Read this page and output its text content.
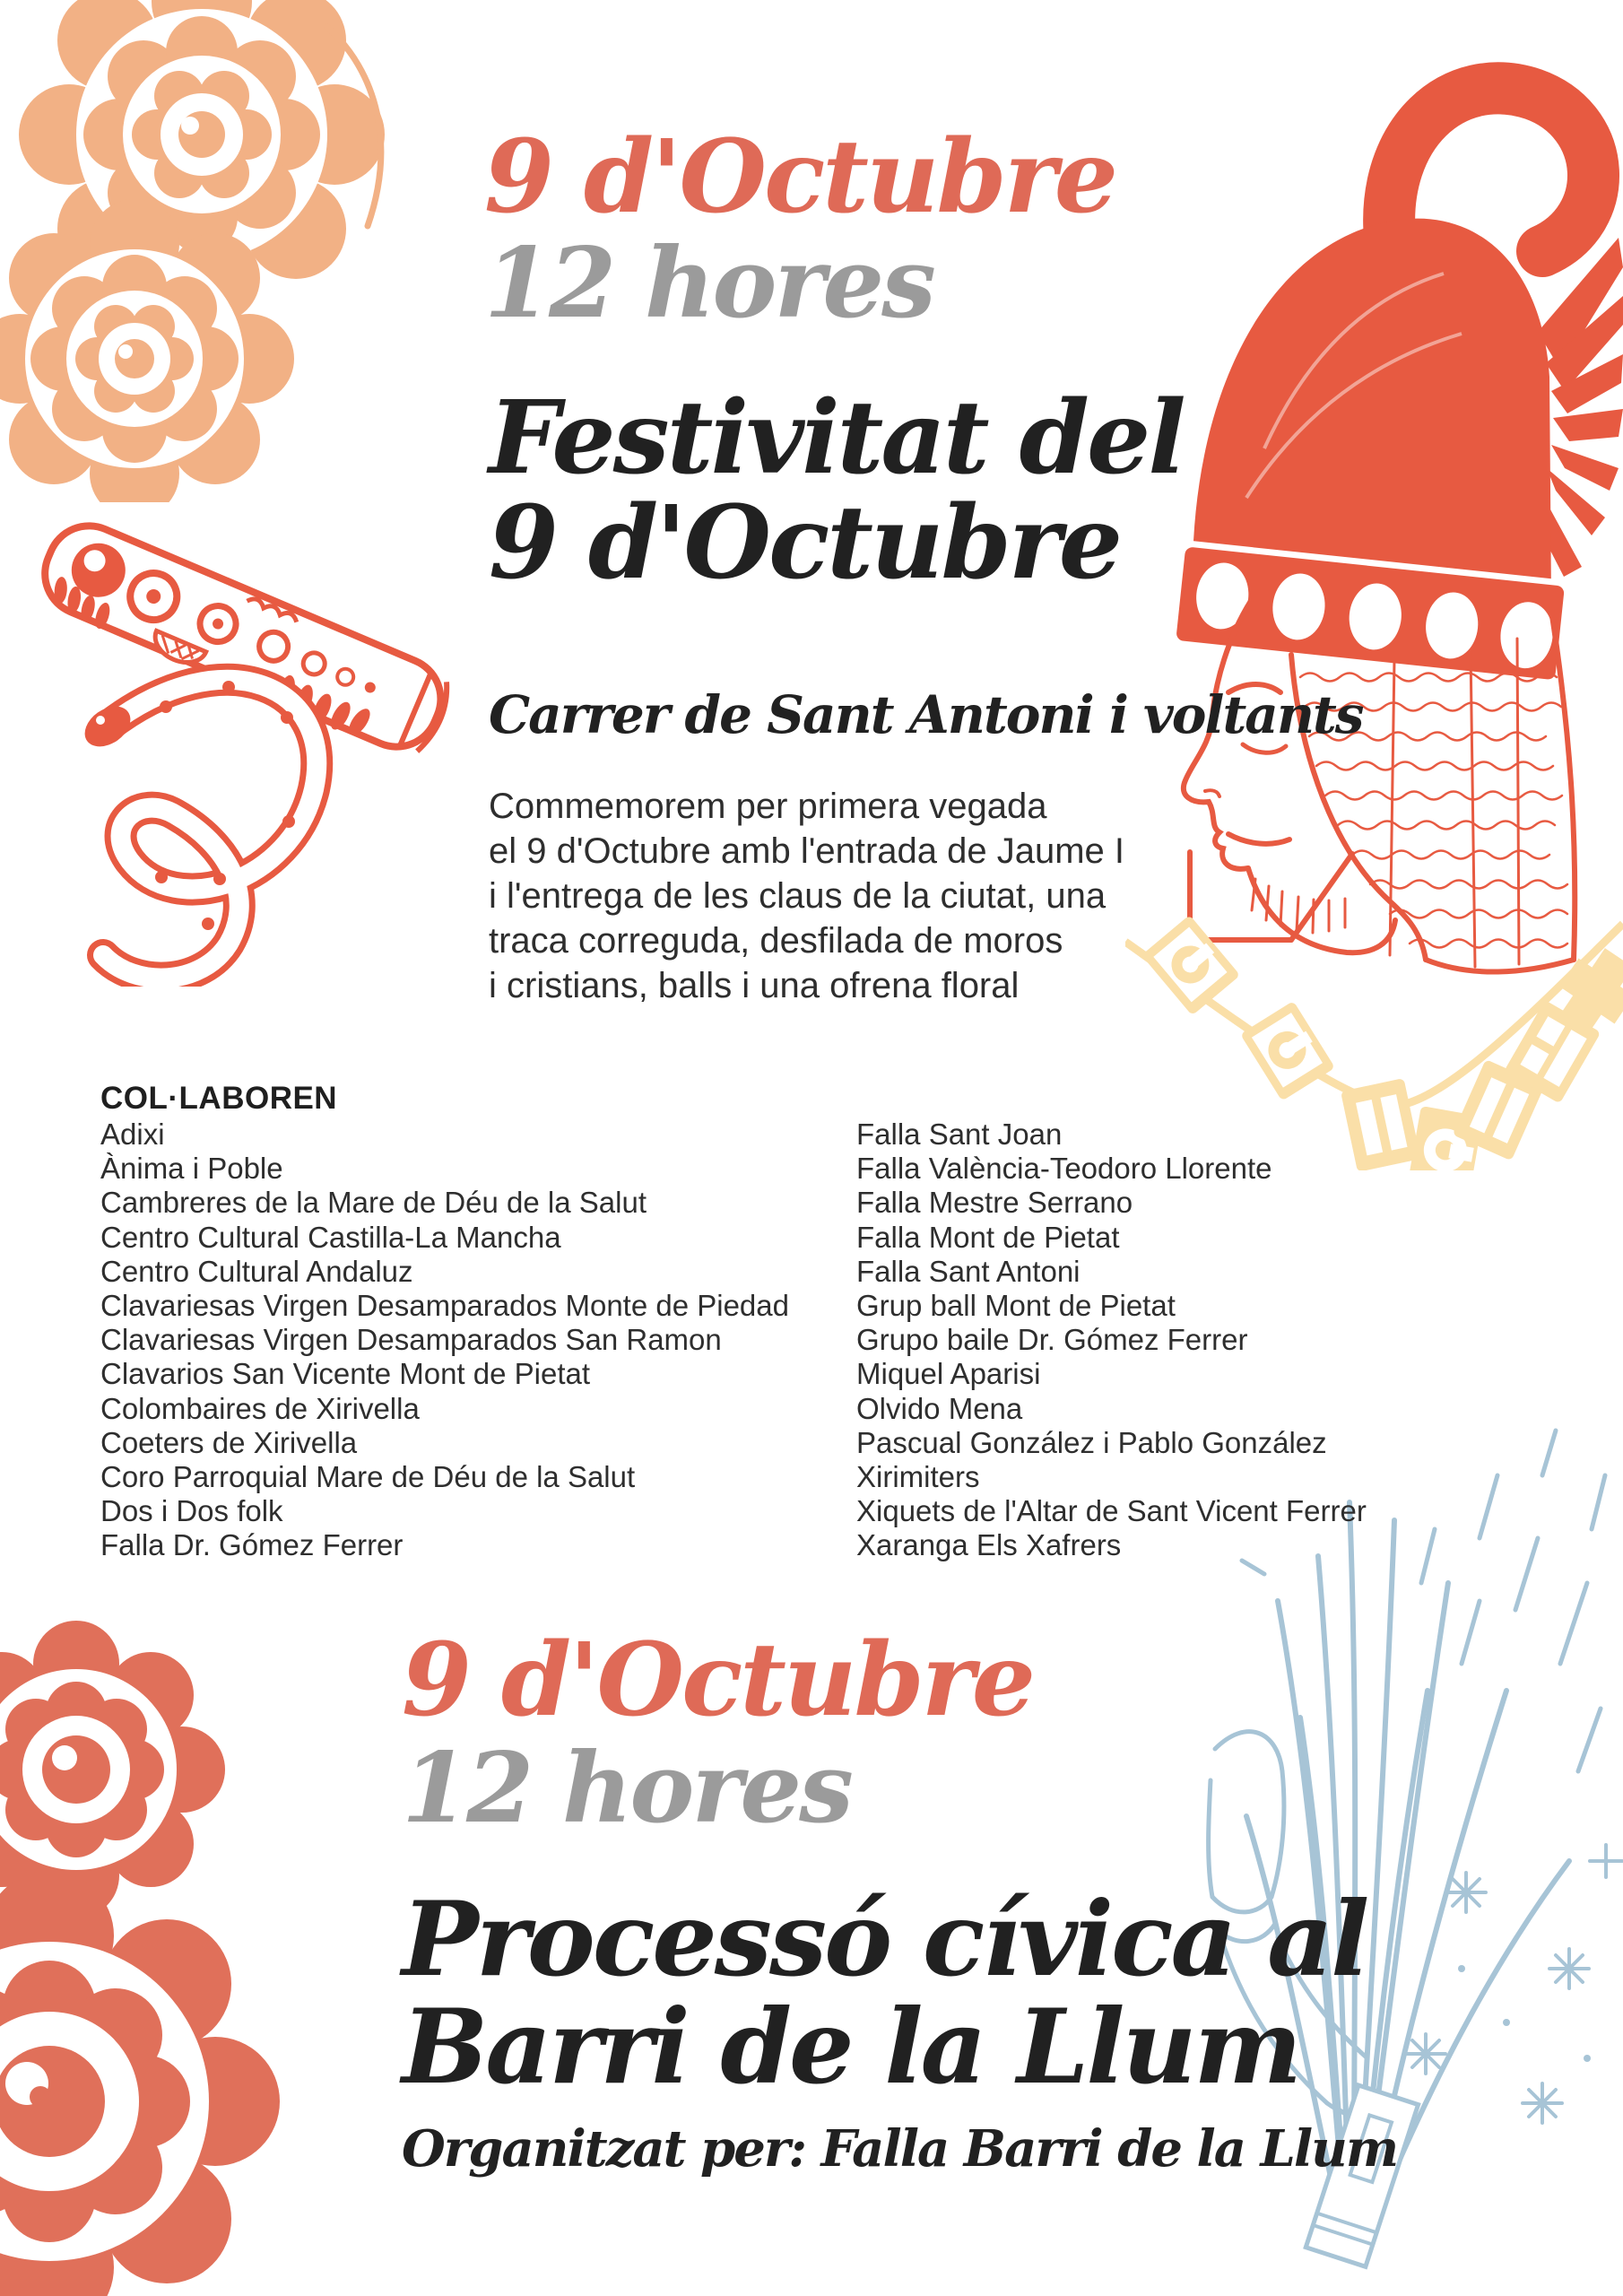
9 d'Octubre
12 hores
Festivitat del
9 d'Octubre
Carrer de Sant Antoni i voltants
Commemorem per primera vegada
el 9 d'Octubre amb l'entrada de Jaume I
i l'entrega de les claus de la ciutat, una
traca correguda, desfilada de moros
i cristians, balls i una ofrena floral
COL·LABOREN
Adixi
Ànima i Poble
Cambreres de la Mare de Déu de la Salut
Centro Cultural Castilla-La Mancha
Centro Cultural Andaluz
Clavariesas Virgen Desamparados Monte de Piedad
Clavariesas Virgen Desamparados San Ramon
Clavarios San Vicente Mont de Pietat
Colombaires de Xirivella
Coeters de Xirivella
Coro Parroquial Mare de Déu de la Salut
Dos i Dos folk
Falla Dr. Gómez Ferrer
Falla Sant Joan
Falla València-Teodoro Llorente
Falla Mestre Serrano
Falla Mont de Pietat
Falla Sant Antoni
Grup ball Mont de Pietat
Grupo baile Dr. Gómez Ferrer
Miquel Aparisi
Olvido Mena
Pascual González i Pablo González
Xirimiters
Xiquets de l'Altar de Sant Vicent Ferrer
Xaranga Els Xafrers
9 d'Octubre
12 hores
Processó cívica al
Barri de la Llum
Organitzat per: Falla Barri de la Llum
